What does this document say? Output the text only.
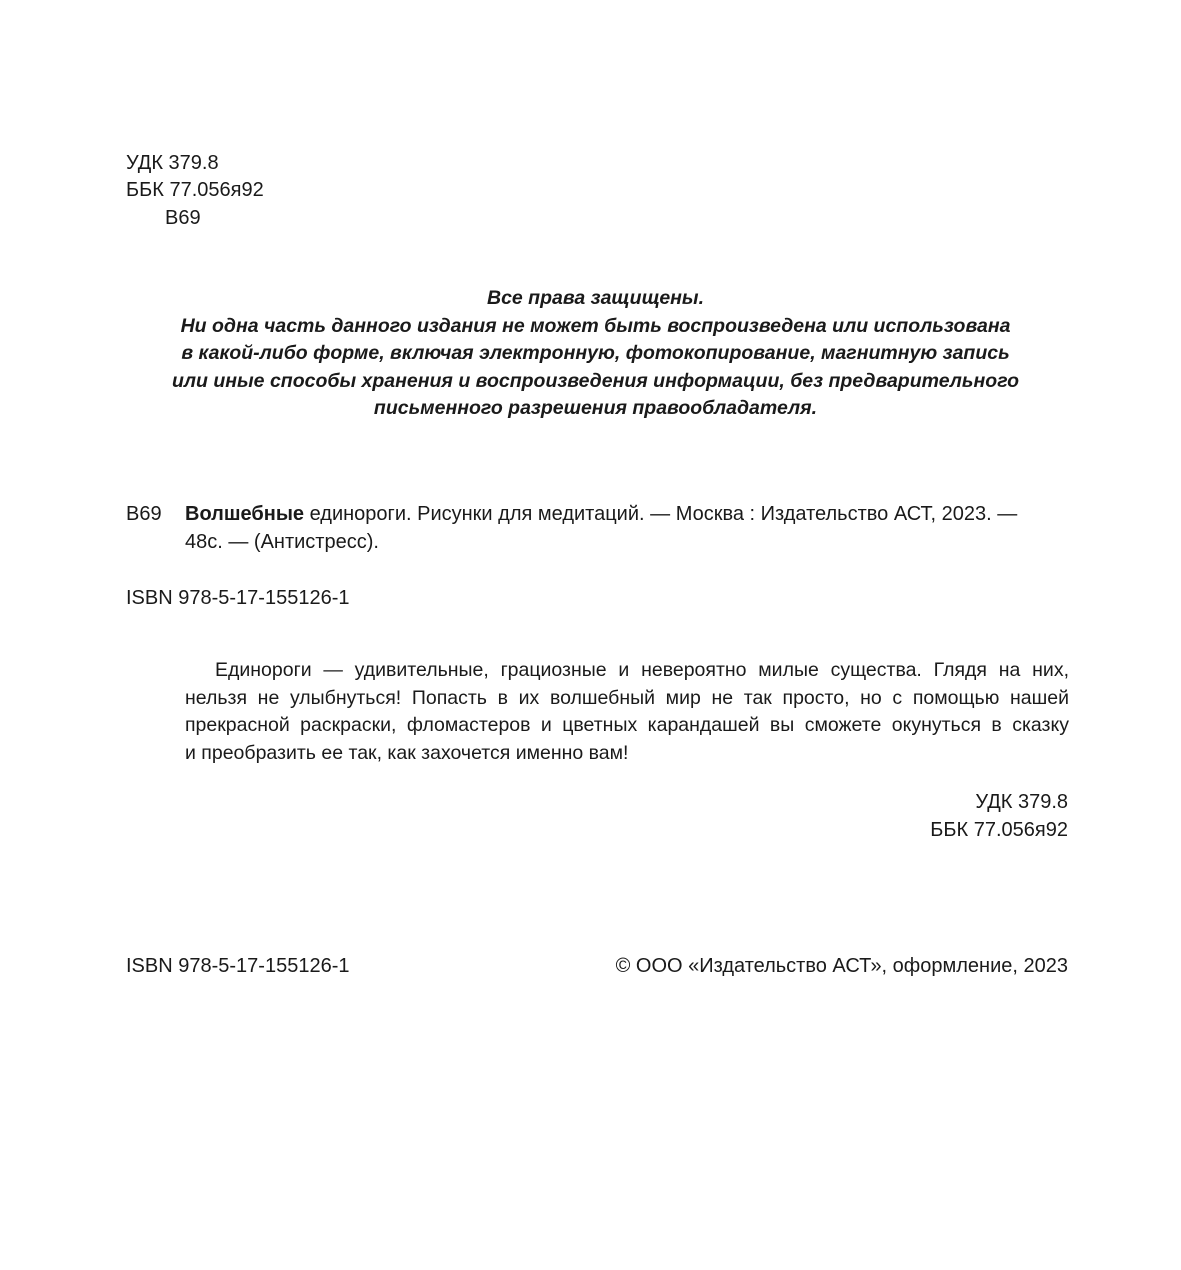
УДК 379.8
ББК 77.056я92
В69
Все права защищены.
Ни одна часть данного издания не может быть воспроизведена или использована
в какой-либо форме, включая электронную, фотокопирование, магнитную запись
или иные способы хранения и воспроизведения информации, без предварительного
письменного разрешения правообладателя.
В69 Волшебные единороги. Рисунки для медитаций. — Москва : Издательство АСТ, 2023. —
48с. — (Антистресс).
ISBN 978-5-17-155126-1
Единороги — удивительные, грациозные и невероятно милые существа. Глядя на них,
нельзя не улыбнуться! Попасть в их волшебный мир не так просто, но с помощью нашей
прекрасной раскраски, фломастеров и цветных карандашей вы сможете окунуться в сказку
и преобразить ее так, как захочется именно вам!
УДК 379.8
ББК 77.056я92
ISBN 978-5-17-155126-1	© ООО «Издательство АСТ», оформление, 2023
